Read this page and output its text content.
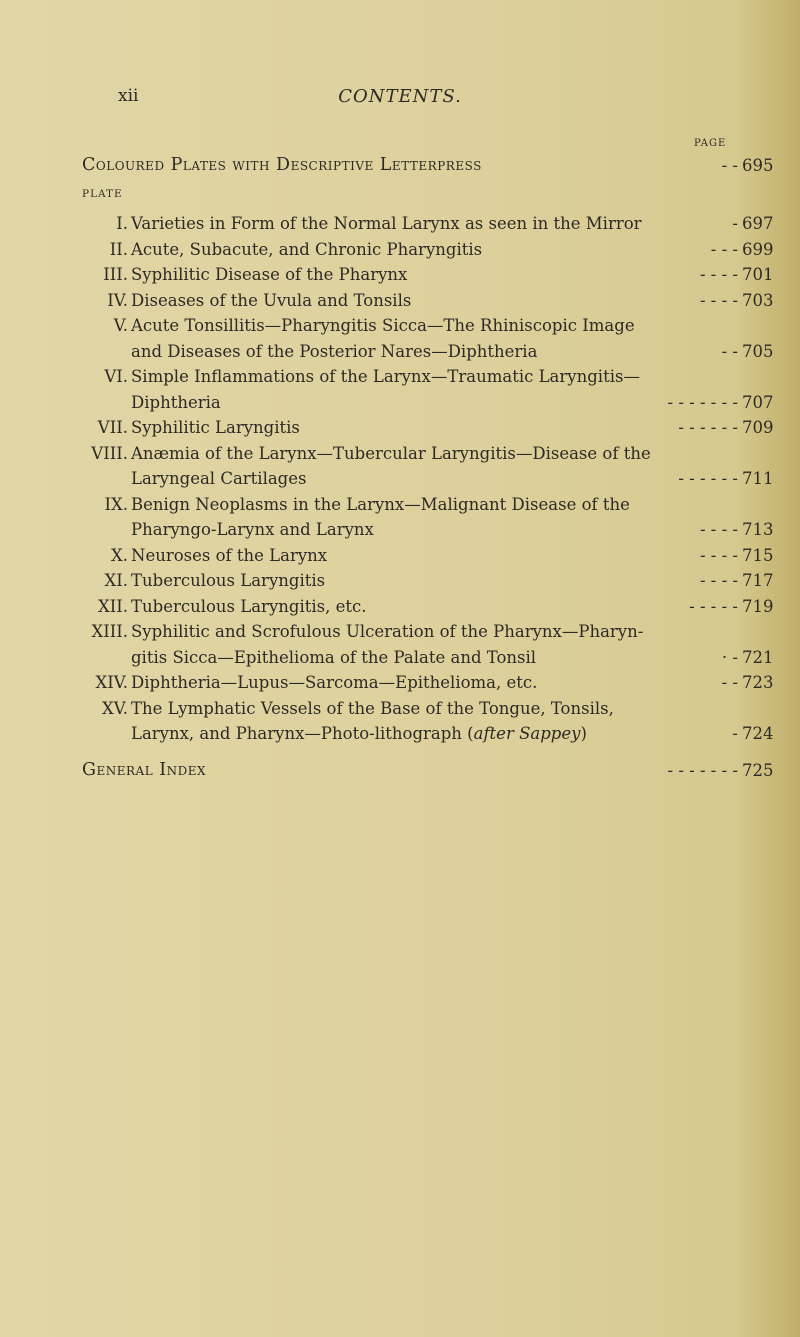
xii	CONTENTS.
PAGE
Coloured Plates with Descriptive Letterpress	- - 695
PLATE
I. Varieties in Form of the Normal Larynx as seen in the Mirror	- 697
II. Acute, Subacute, and Chronic Pharyngitis	- - - 699
III. Syphilitic Disease of the Pharynx	- - - - 701
IV. Diseases of the Uvula and Tonsils	- - - - 703
V. Acute Tonsillitis—Pharyngitis Sicca—The Rhiniscopic Image
and Diseases of the Posterior Nares—Diphtheria	- - 705
VI. Simple Inflammations of the Larynx—Traumatic Laryngitis—
Diphtheria	- - - - - - - 707
VII. Syphilitic Laryngitis	- - - - - - 709
VIII. Anæmia of the Larynx—Tubercular Laryngitis—Disease of the
Laryngeal Cartilages	- - - - - - 711
IX. Benign Neoplasms in the Larynx—Malignant Disease of the
Pharyngo-Larynx and Larynx	- - - - 713
X. Neuroses of the Larynx	- - - - 715
XI. Tuberculous Laryngitis	- - - - 717
XII. Tuberculous Laryngitis, etc.	- - - - - 719
XIII. Syphilitic and Scrofulous Ulceration of the Pharynx—Pharyn-
gitis Sicca—Epithelioma of the Palate and Tonsil	· - 721
XIV. Diphtheria—Lupus—Sarcoma—Epithelioma, etc.	- - 723
XV. The Lymphatic Vessels of the Base of the Tongue, Tonsils,
Larynx, and Pharynx—Photo-lithograph (after Sappey)	- 724
General Index	- - - - - - - 725
